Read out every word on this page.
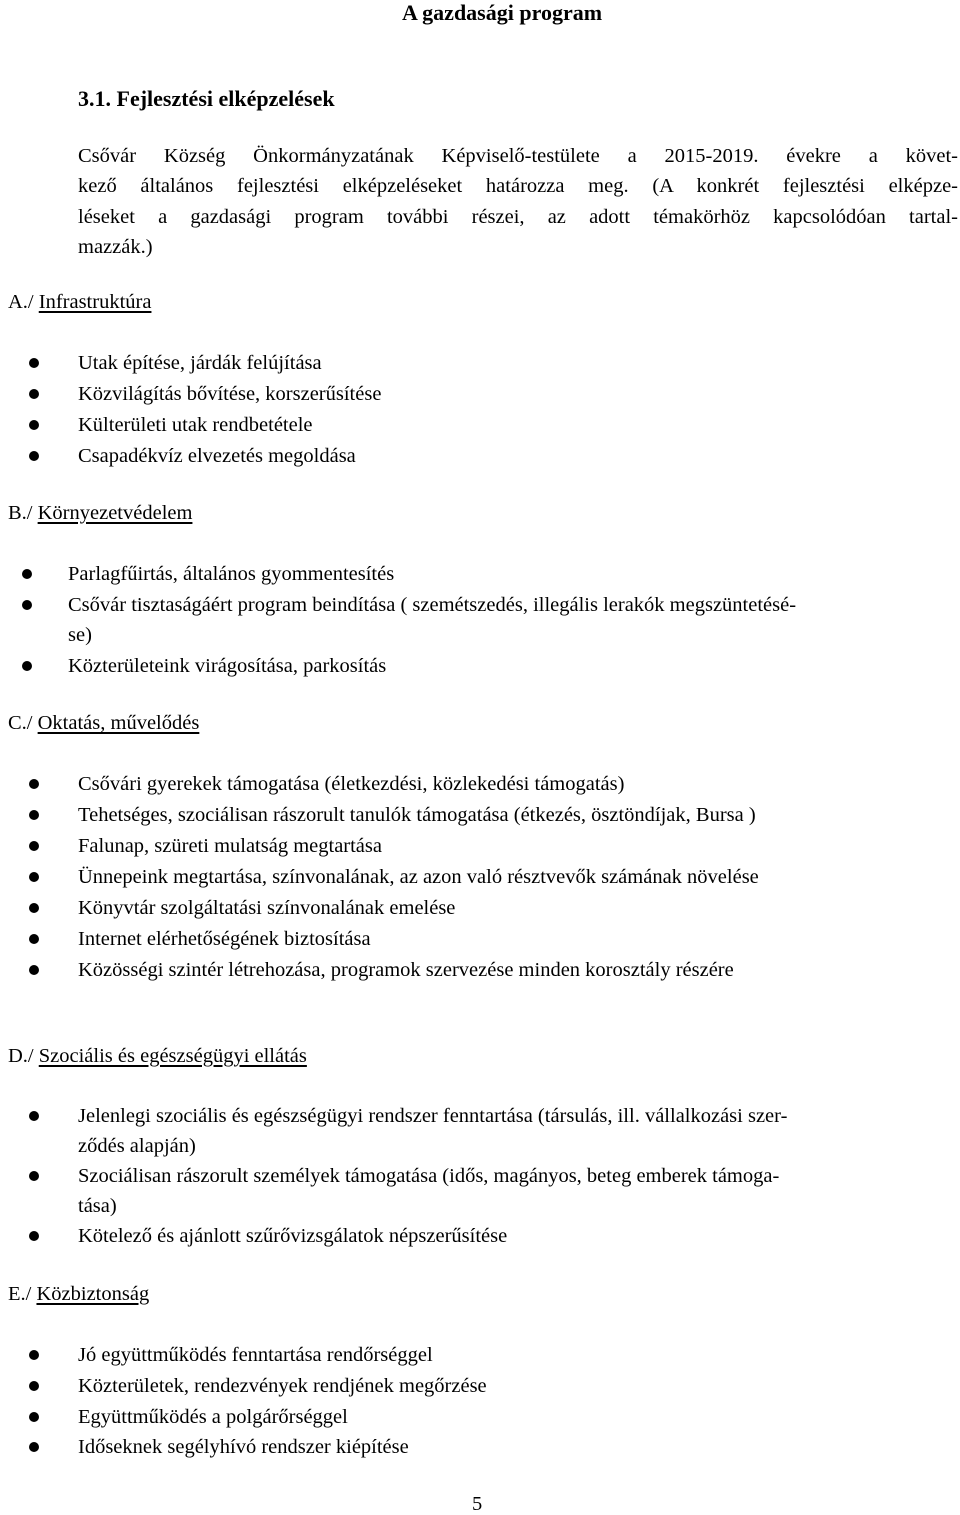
A gazdasági program
3.1. Fejlesztési elképzelések
Csővár Község Önkormányzatának Képviselő-testülete a 2015-2019. évekre a követ-
kező általános fejlesztési elképzeléseket határozza meg. (A konkrét fejlesztési elképze-
léseket a gazdasági program további részei, az adott témakörhöz kapcsolódóan tartal-
mazzák.)
A./ Infrastruktúra
Utak építése, járdák felújítása
Közvilágítás bővítése, korszerűsítése
Külterületi utak rendbetétele
Csapadékvíz elvezetés megoldása
B./ Környezetvédelem
Parlagfűirtás, általános gyommentesítés
Csővár tisztaságáért program beindítása ( szemétszedés, illegális lerakók megszüntetésé-
se)
Közterületeink virágosítása, parkosítás
C./ Oktatás, művelődés
Csővári gyerekek támogatása (életkezdési, közlekedési támogatás)
Tehetséges, szociálisan rászorult tanulók támogatása (étkezés, ösztöndíjak, Bursa )
Falunap, szüreti mulatság megtartása
Ünnepeink megtartása, színvonalának, az azon való résztvevők számának növelése
Könyvtár szolgáltatási színvonalának emelése
Internet elérhetőségének biztosítása
Közösségi szintér létrehozása, programok szervezése minden korosztály részére
D./ Szociális és egészségügyi ellátás
Jelenlegi szociális és egészségügyi rendszer fenntartása (társulás, ill. vállalkozási szer-
ződés alapján)
Szociálisan rászorult személyek támogatása (idős, magányos, beteg emberek támoga-
tása)
Kötelező és ajánlott szűrővizsgálatok népszerűsítése
E./ Közbiztonság
Jó együttműködés fenntartása rendőrséggel
Közterületek, rendezvények rendjének megőrzése
Együttműködés a polgárőrséggel
Időseknek segélyhívó rendszer kiépítése
5
